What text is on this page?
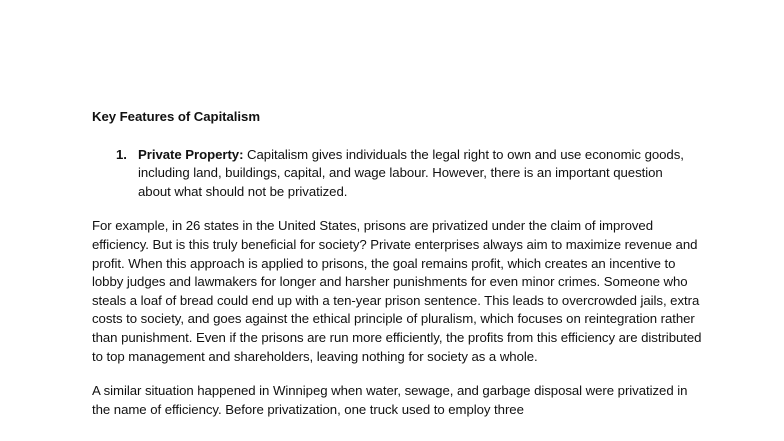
Key Features of Capitalism
1. Private Property: Capitalism gives individuals the legal right to own and use economic goods, including land, buildings, capital, and wage labour. However, there is an important question about what should not be privatized.

For example, in 26 states in the United States, prisons are privatized under the claim of improved efficiency. But is this truly beneficial for society? Private enterprises always aim to maximize revenue and profit. When this approach is applied to prisons, the goal remains profit, which creates an incentive to lobby judges and lawmakers for longer and harsher punishments for even minor crimes. Someone who steals a loaf of bread could end up with a ten-year prison sentence. This leads to overcrowded jails, extra costs to society, and goes against the ethical principle of pluralism, which focuses on reintegration rather than punishment. Even if the prisons are run more efficiently, the profits from this efficiency are distributed to top management and shareholders, leaving nothing for society as a whole.

A similar situation happened in Winnipeg when water, sewage, and garbage disposal were privatized in the name of efficiency. Before privatization, one truck used to employ three
